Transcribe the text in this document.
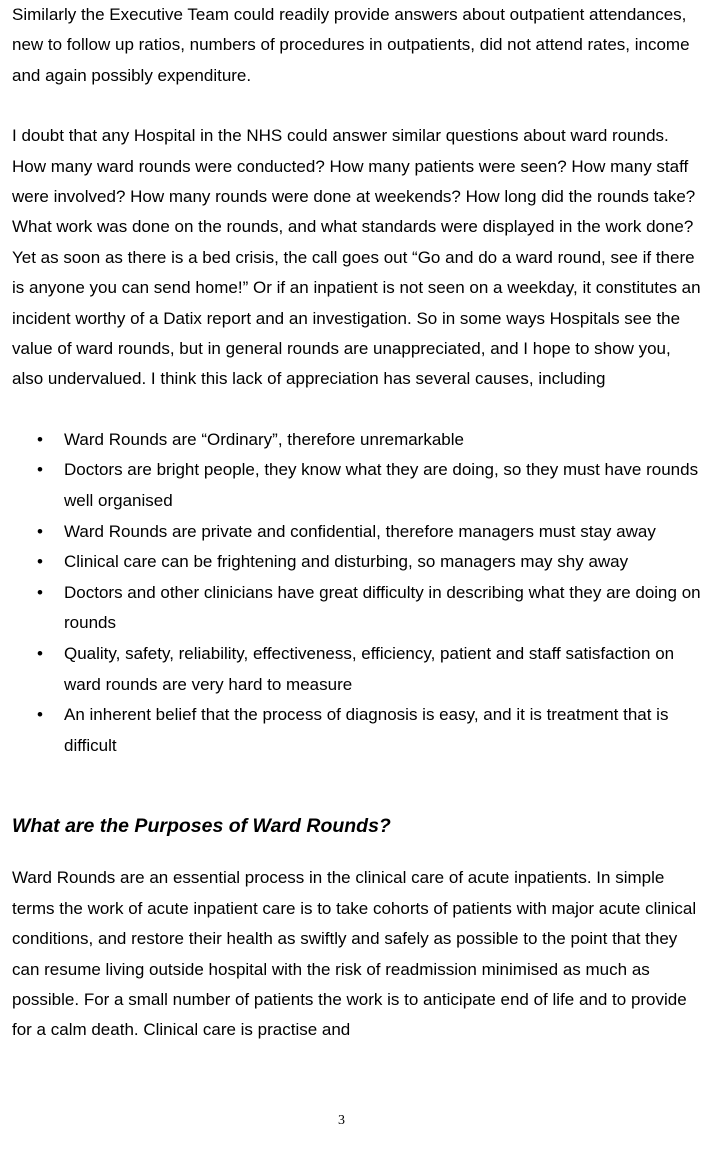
Similarly the Executive Team could readily provide answers about outpatient attendances, new to follow up ratios, numbers of procedures in outpatients, did not attend rates, income and again possibly expenditure.

I doubt that any Hospital in the NHS could answer similar questions about ward rounds. How many ward rounds were conducted? How many patients were seen? How many staff were involved? How many rounds were done at weekends? How long did the rounds take? What work was done on the rounds, and what standards were displayed in the work done? Yet as soon as there is a bed crisis, the call goes out “Go and do a ward round, see if there is anyone you can send home!” Or if an inpatient is not seen on a weekday, it constitutes an incident worthy of a Datix report and an investigation. So in some ways Hospitals see the value of ward rounds, but in general rounds are unappreciated, and I hope to show you, also undervalued. I think this lack of appreciation has several causes, including

• Ward Rounds are “Ordinary”, therefore unremarkable
• Doctors are bright people, they know what they are doing, so they must have rounds well organised
• Ward Rounds are private and confidential, therefore managers must stay away
• Clinical care can be frightening and disturbing, so managers may shy away
• Doctors and other clinicians have great difficulty in describing what they are doing on rounds
• Quality, safety, reliability, effectiveness, efficiency, patient and staff satisfaction on ward rounds are very hard to measure
• An inherent belief that the process of diagnosis is easy, and it is treatment that is difficult
What are the Purposes of Ward Rounds?

Ward Rounds are an essential process in the clinical care of acute inpatients. In simple terms the work of acute inpatient care is to take cohorts of patients with major acute clinical conditions, and restore their health as swiftly and safely as possible to the point that they can resume living outside hospital with the risk of readmission minimised as much as possible. For a small number of patients the work is to anticipate end of life and to provide for a calm death. Clinical care is practise and

3
